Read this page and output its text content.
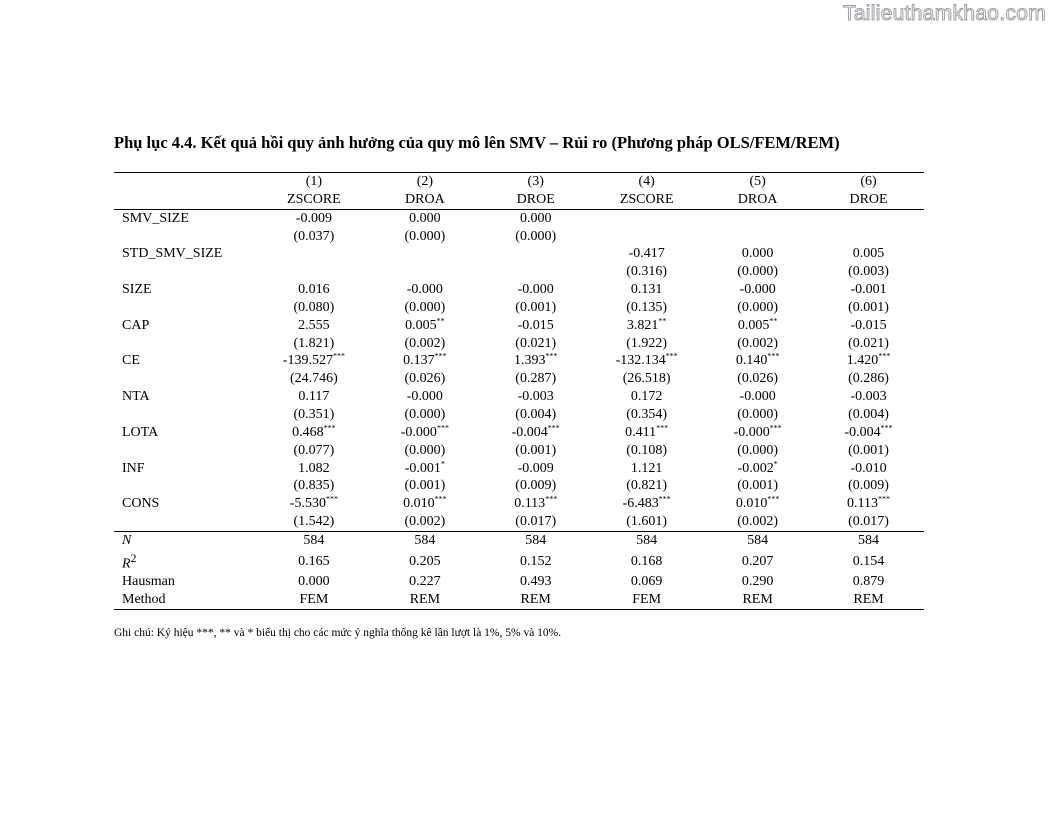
Tailieuthamkhao.com
Phụ lục 4.4. Kết quả hồi quy ảnh hưởng của quy mô lên SMV – Rủi ro (Phương pháp OLS/FEM/REM)
	(1)	(2)	(3)	(4)	(5)	(6)
	ZSCORE	DROA	DROE	ZSCORE	DROA	DROE
SMV_SIZE	-0.009	0.000	0.000			
	(0.037)	(0.000)	(0.000)			
STD_SMV_SIZE				-0.417	0.000	0.005
				(0.316)	(0.000)	(0.003)
SIZE	0.016	-0.000	-0.000	0.131	-0.000	-0.001
	(0.080)	(0.000)	(0.001)	(0.135)	(0.000)	(0.001)
CAP	2.555	0.005**	-0.015	3.821**	0.005**	-0.015
	(1.821)	(0.002)	(0.021)	(1.922)	(0.002)	(0.021)
CE	-139.527***	0.137***	1.393***	-132.134***	0.140***	1.420***
	(24.746)	(0.026)	(0.287)	(26.518)	(0.026)	(0.286)
NTA	0.117	-0.000	-0.003	0.172	-0.000	-0.003
	(0.351)	(0.000)	(0.004)	(0.354)	(0.000)	(0.004)
LOTA	0.468***	-0.000***	-0.004***	0.411***	-0.000***	-0.004***
	(0.077)	(0.000)	(0.001)	(0.108)	(0.000)	(0.001)
INF	1.082	-0.001*	-0.009	1.121	-0.002*	-0.010
	(0.835)	(0.001)	(0.009)	(0.821)	(0.001)	(0.009)
CONS	-5.530***	0.010***	0.113***	-6.483***	0.010***	0.113***
	(1.542)	(0.002)	(0.017)	(1.601)	(0.002)	(0.017)
N	584	584	584	584	584	584
$R^2$	0.165	0.205	0.152	0.168	0.207	0.154
Hausman	0.000	0.227	0.493	0.069	0.290	0.879
Method	FEM	REM	REM	FEM	REM	REM
Ghi chú: Ký hiệu ***, ** và * biểu thị cho các mức ý nghĩa thống kê lần lượt là 1%, 5% và 10%.
